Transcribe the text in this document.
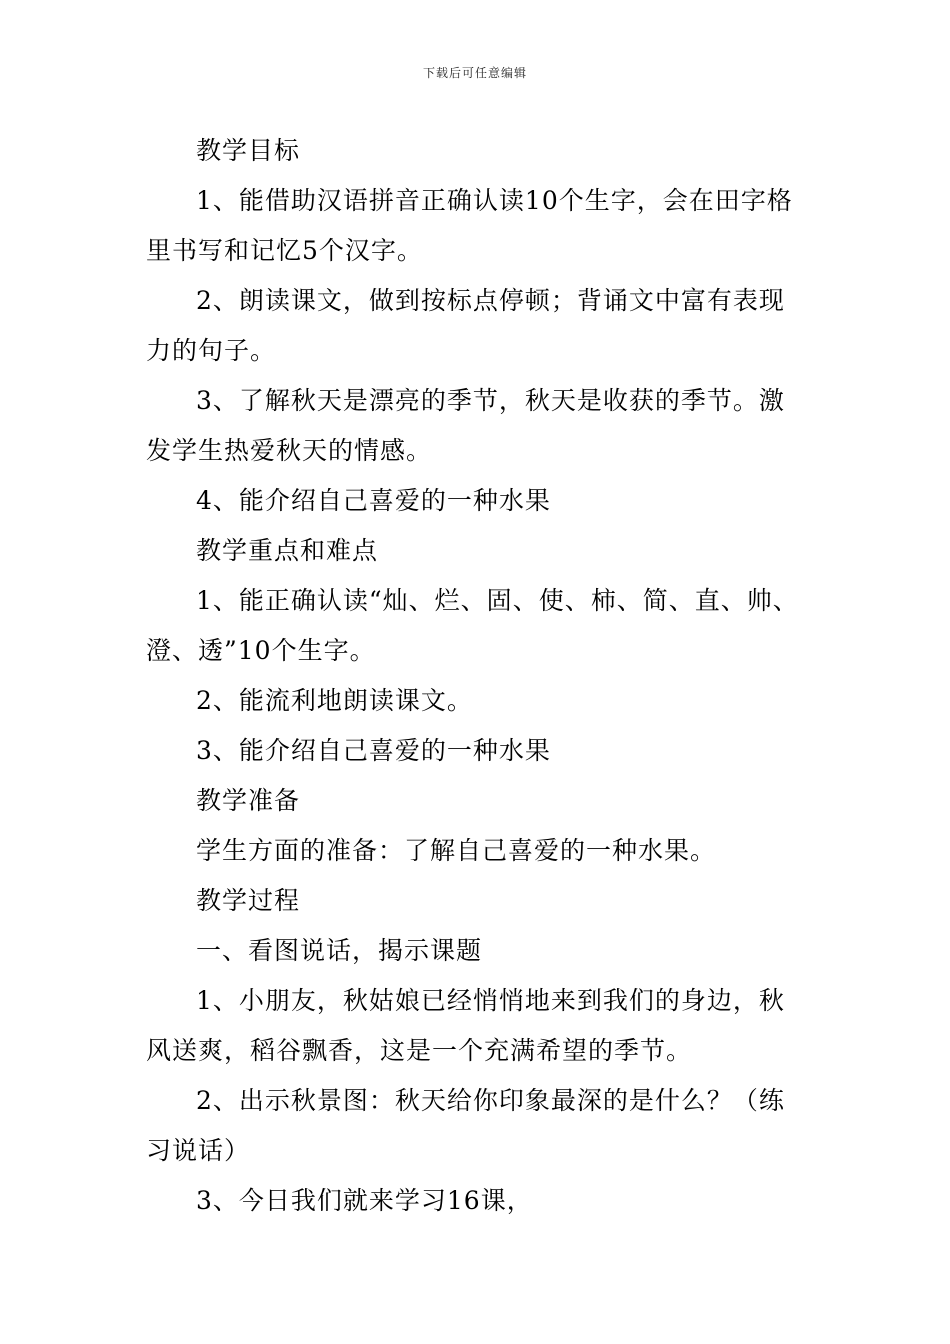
下载后可任意编辑

教学目标

1、能借助汉语拼音正确认读10个生字，会在田字格里书写和记忆5个汉字。

2、朗读课文，做到按标点停顿；背诵文中富有表现力的句子。

3、了解秋天是漂亮的季节，秋天是收获的季节。激发学生热爱秋天的情感。

4、能介绍自己喜爱的一种水果

教学重点和难点

1、能正确认读“灿、烂、固、使、柿、简、直、帅、澄、透”10个生字。

2、能流利地朗读课文。

3、能介绍自己喜爱的一种水果

教学准备

学生方面的准备：了解自己喜爱的一种水果。

教学过程

一、看图说话，揭示课题

1、小朋友，秋姑娘已经悄悄地来到我们的身边，秋风送爽，稻谷飘香，这是一个充满希望的季节。

2、出示秋景图：秋天给你印象最深的是什么？（练习说话）

3、今日我们就来学习16课，
